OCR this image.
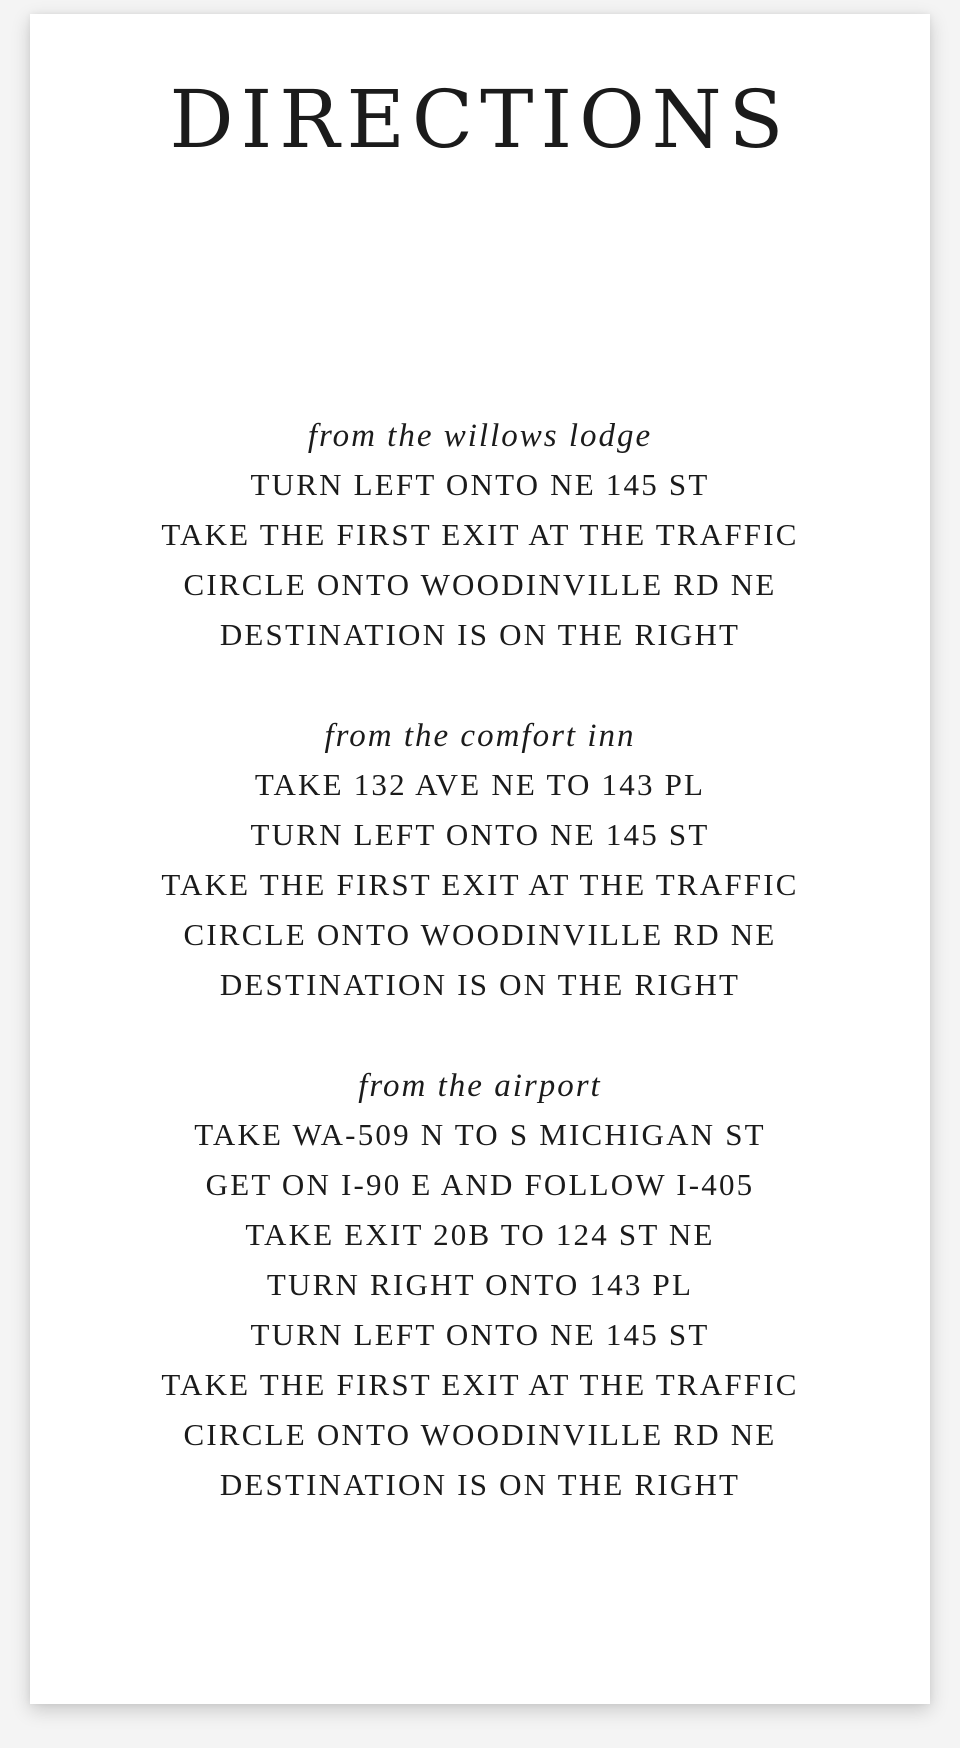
DIRECTIONS
from the willows lodge
TURN LEFT ONTO NE 145 ST
TAKE THE FIRST EXIT AT THE TRAFFIC
CIRCLE ONTO WOODINVILLE RD NE
DESTINATION IS ON THE RIGHT
from the comfort inn
TAKE 132 AVE NE TO 143 PL
TURN LEFT ONTO NE 145 ST
TAKE THE FIRST EXIT AT THE TRAFFIC
CIRCLE ONTO WOODINVILLE RD NE
DESTINATION IS ON THE RIGHT
from the airport
TAKE WA-509 N TO S MICHIGAN ST
GET ON I-90 E AND FOLLOW I-405
TAKE EXIT 20B TO 124 ST NE
TURN RIGHT ONTO 143 PL
TURN LEFT ONTO NE 145 ST
TAKE THE FIRST EXIT AT THE TRAFFIC
CIRCLE ONTO WOODINVILLE RD NE
DESTINATION IS ON THE RIGHT
